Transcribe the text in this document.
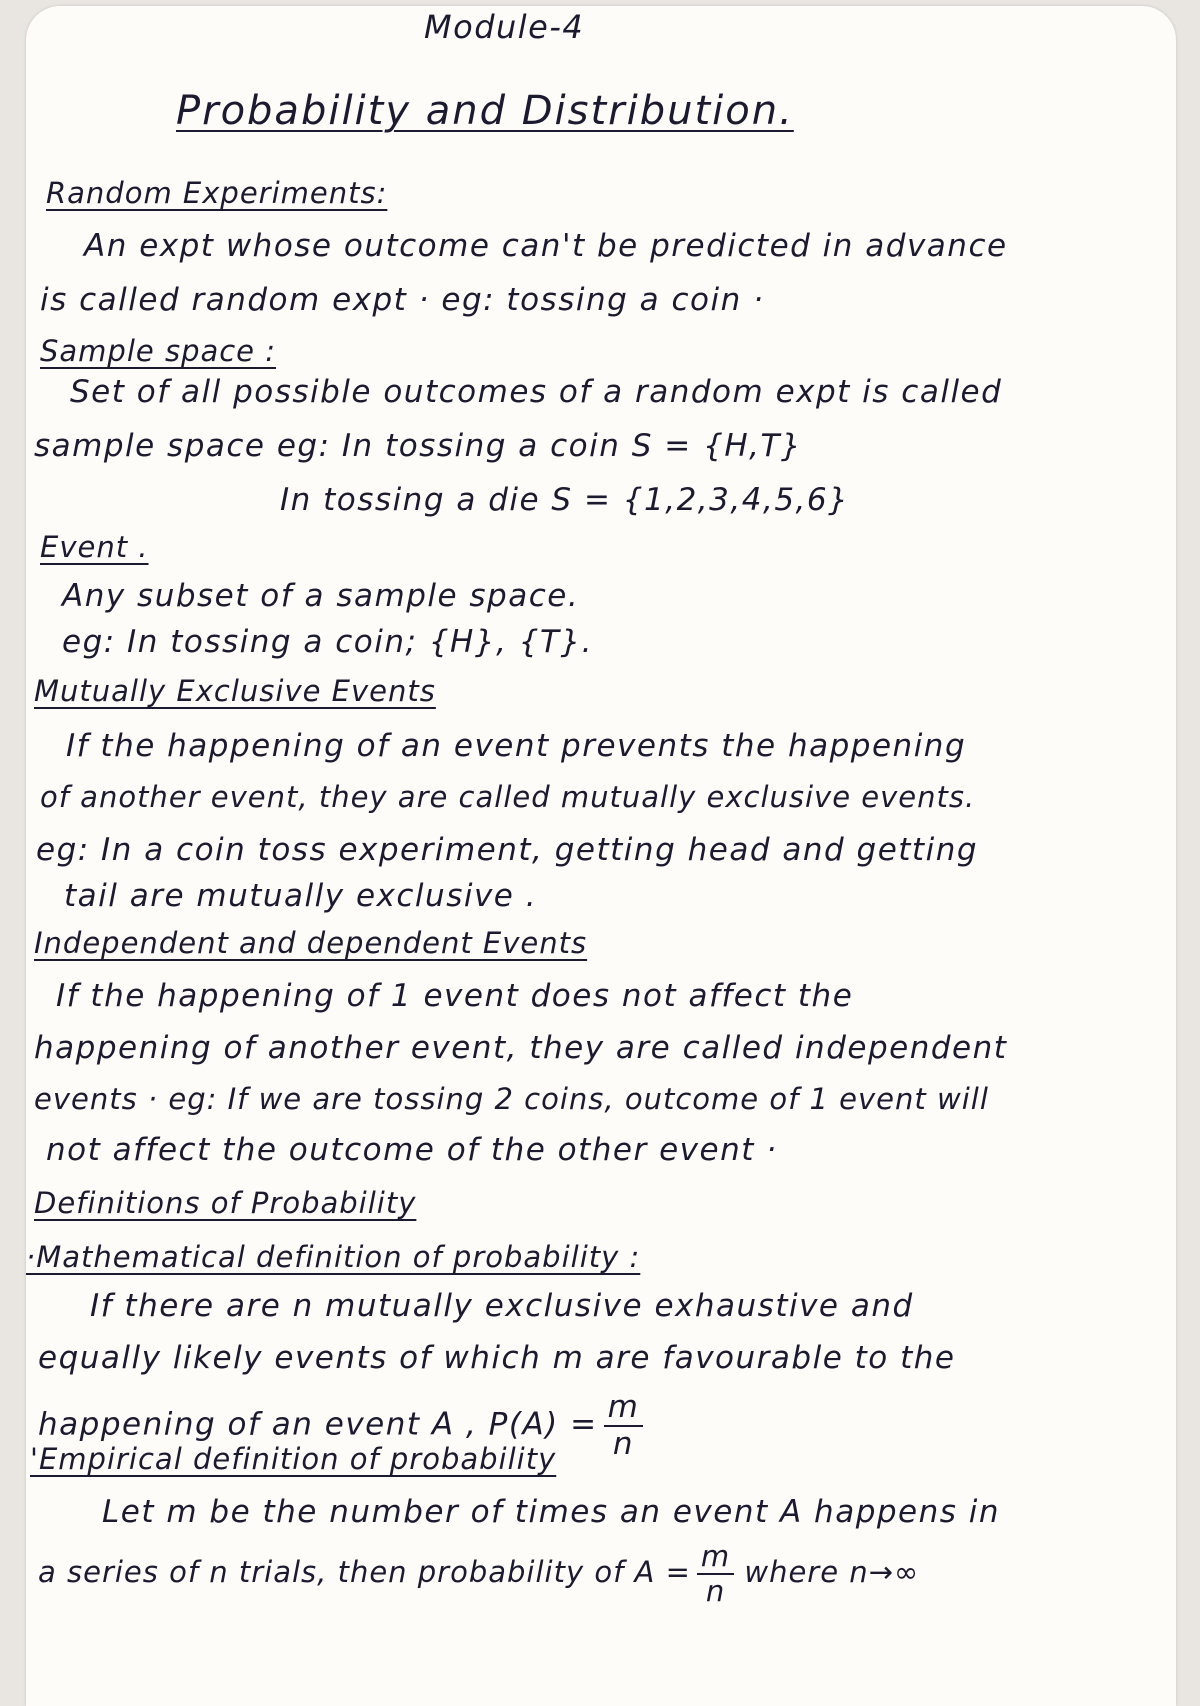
Module-4
Probability and Distribution.
Random Experiments:
An expt whose outcome can't be predicted in advance
is called random expt · eg: tossing a coin ·
Sample space :
Set of all possible outcomes of a random expt is called
sample space eg: In tossing a coin S = {H,T}
In tossing a die S = {1,2,3,4,5,6}
Event .
Any subset of a sample space.
eg: In tossing a coin; {H}, {T}.
Mutually Exclusive Events
If the happening of an event prevents the happening
of another event, they are called mutually exclusive events.
eg: In a coin toss experiment, getting head and getting
tail are mutually exclusive .
Independent and dependent Events
If the happening of 1 event does not affect the
happening of another event, they are called independent
events · eg: If we are tossing 2 coins, outcome of 1 event will
not affect the outcome of the other event ·
Definitions of Probability
·Mathematical definition of probability :
If there are n mutually exclusive exhaustive and
equally likely events of which m are favourable to the
happening of an event A , $P(A) = \frac{m}{n}$
'Empirical definition of probability
Let m be the number of times an event A happens in
a series of n trials, then probability of $A = \frac{m}{n}$ where n→∞
